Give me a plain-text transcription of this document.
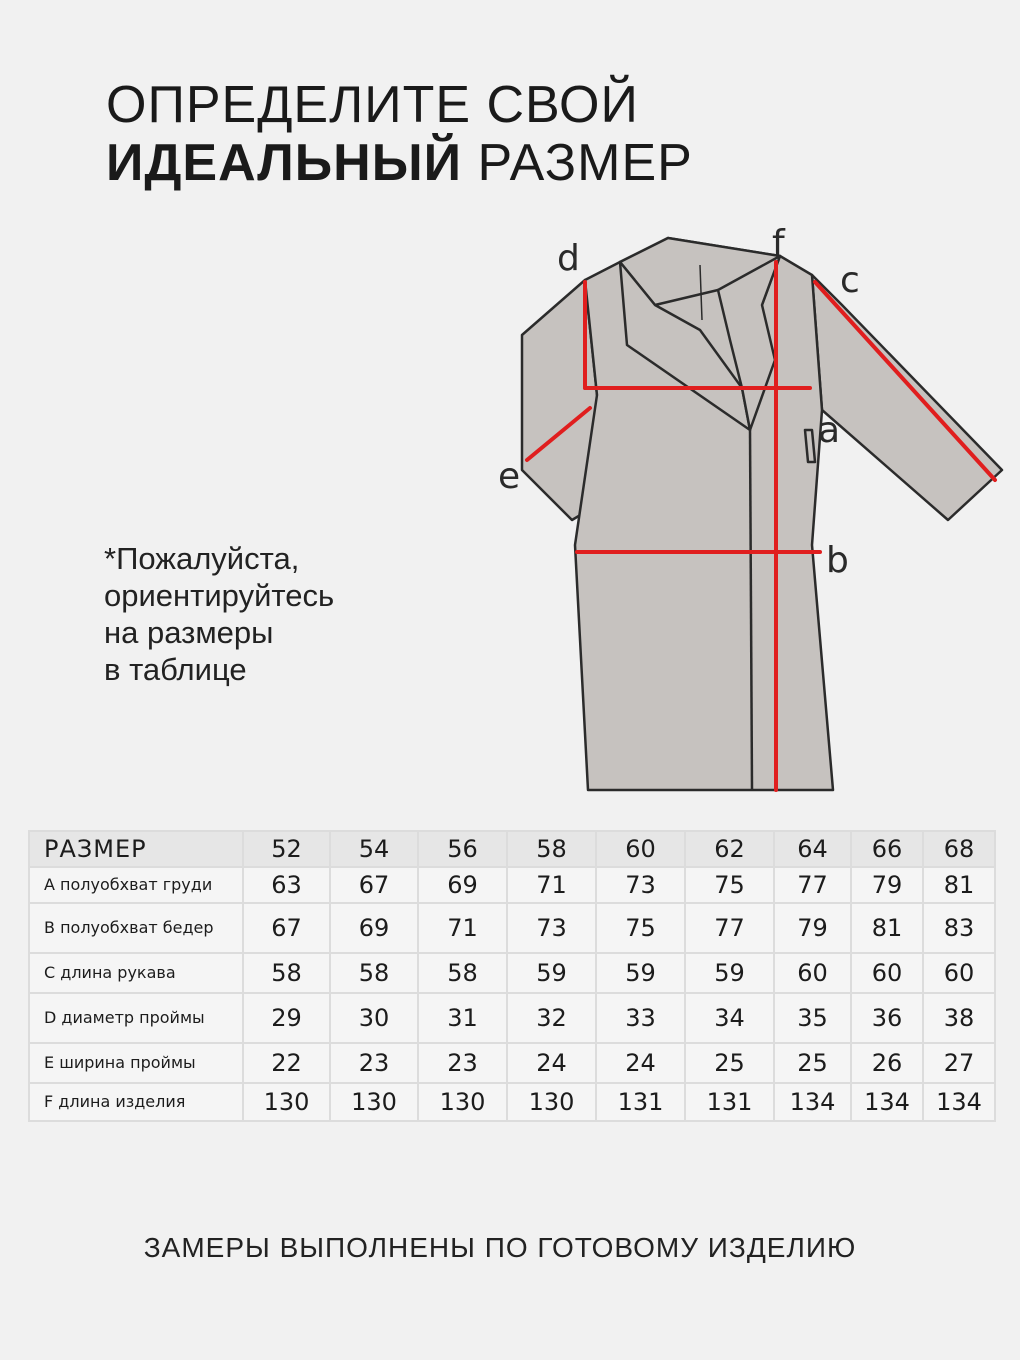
ОПРЕДЕЛИТЕ СВОЙ
ИДЕАЛЬНЫЙ РАЗМЕР
*Пожалуйста,
ориентируйтесь
на размеры
в таблице
d	f
c
a
e
b
РАЗМЕР	52	54	56	58	60	62	64	66	68
А полуобхват груди	63	67	69	71	73	75	77	79	81
В полуобхват бедер	67	69	71	73	75	77	79	81	83
С длина рукава	58	58	58	59	59	59	60	60	60
D диаметр проймы	29	30	31	32	33	34	35	36	38
Е ширина проймы	22	23	23	24	24	25	25	26	27
F длина изделия	130	130	130	130	131	131	134	134	134
ЗАМЕРЫ ВЫПОЛНЕНЫ ПО ГОТОВОМУ ИЗДЕЛИЮ
